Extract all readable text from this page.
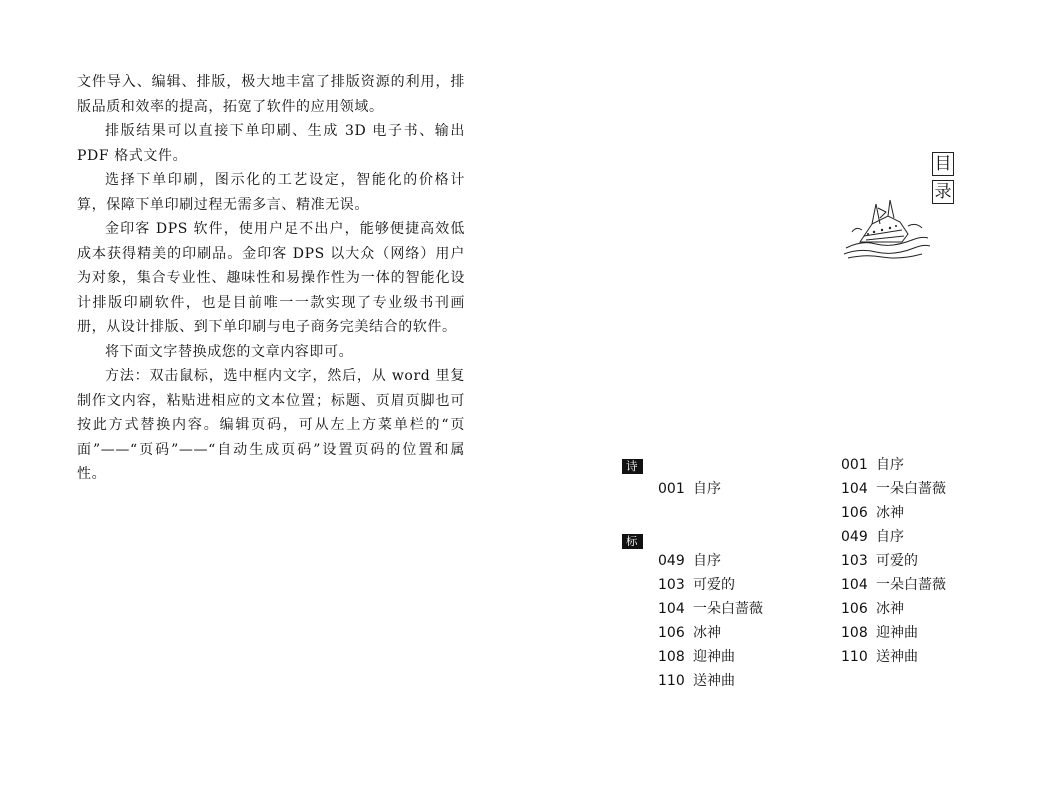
文件导入、编辑、排版，极大地丰富了排版资源的利用，排版品质和效率的提高，拓宽了软件的应用领域。

排版结果可以直接下单印刷、生成 3D 电子书、输出 PDF 格式文件。

选择下单印刷，图示化的工艺设定，智能化的价格计算，保障下单印刷过程无需多言、精准无误。

金印客 DPS 软件，使用户足不出户，能够便捷高效低成本获得精美的印刷品。金印客 DPS 以大众（网络）用户为对象，集合专业性、趣味性和易操作性为一体的智能化设计排版印刷软件，也是目前唯一一款实现了专业级书刊画册，从设计排版、到下单印刷与电子商务完美结合的软件。

将下面文字替换成您的文章内容即可。

方法：双击鼠标，选中框内文字，然后，从 word 里复制作文内容，粘贴进相应的文本位置；标题、页眉页脚也可按此方式替换内容。编辑页码，可从左上方菜单栏的“页面”——“页码”——“自动生成页码”设置页码的位置和属性。

目
录
诗集 001 自序
标题 049 自序
103 可爱的
104 一朵白蔷薇
106 冰神
108 迎神曲
110 送神曲
001 自序
104 一朵白蔷薇
106 冰神
049 自序
103 可爱的
104 一朵白蔷薇
106 冰神
108 迎神曲
110 送神曲
